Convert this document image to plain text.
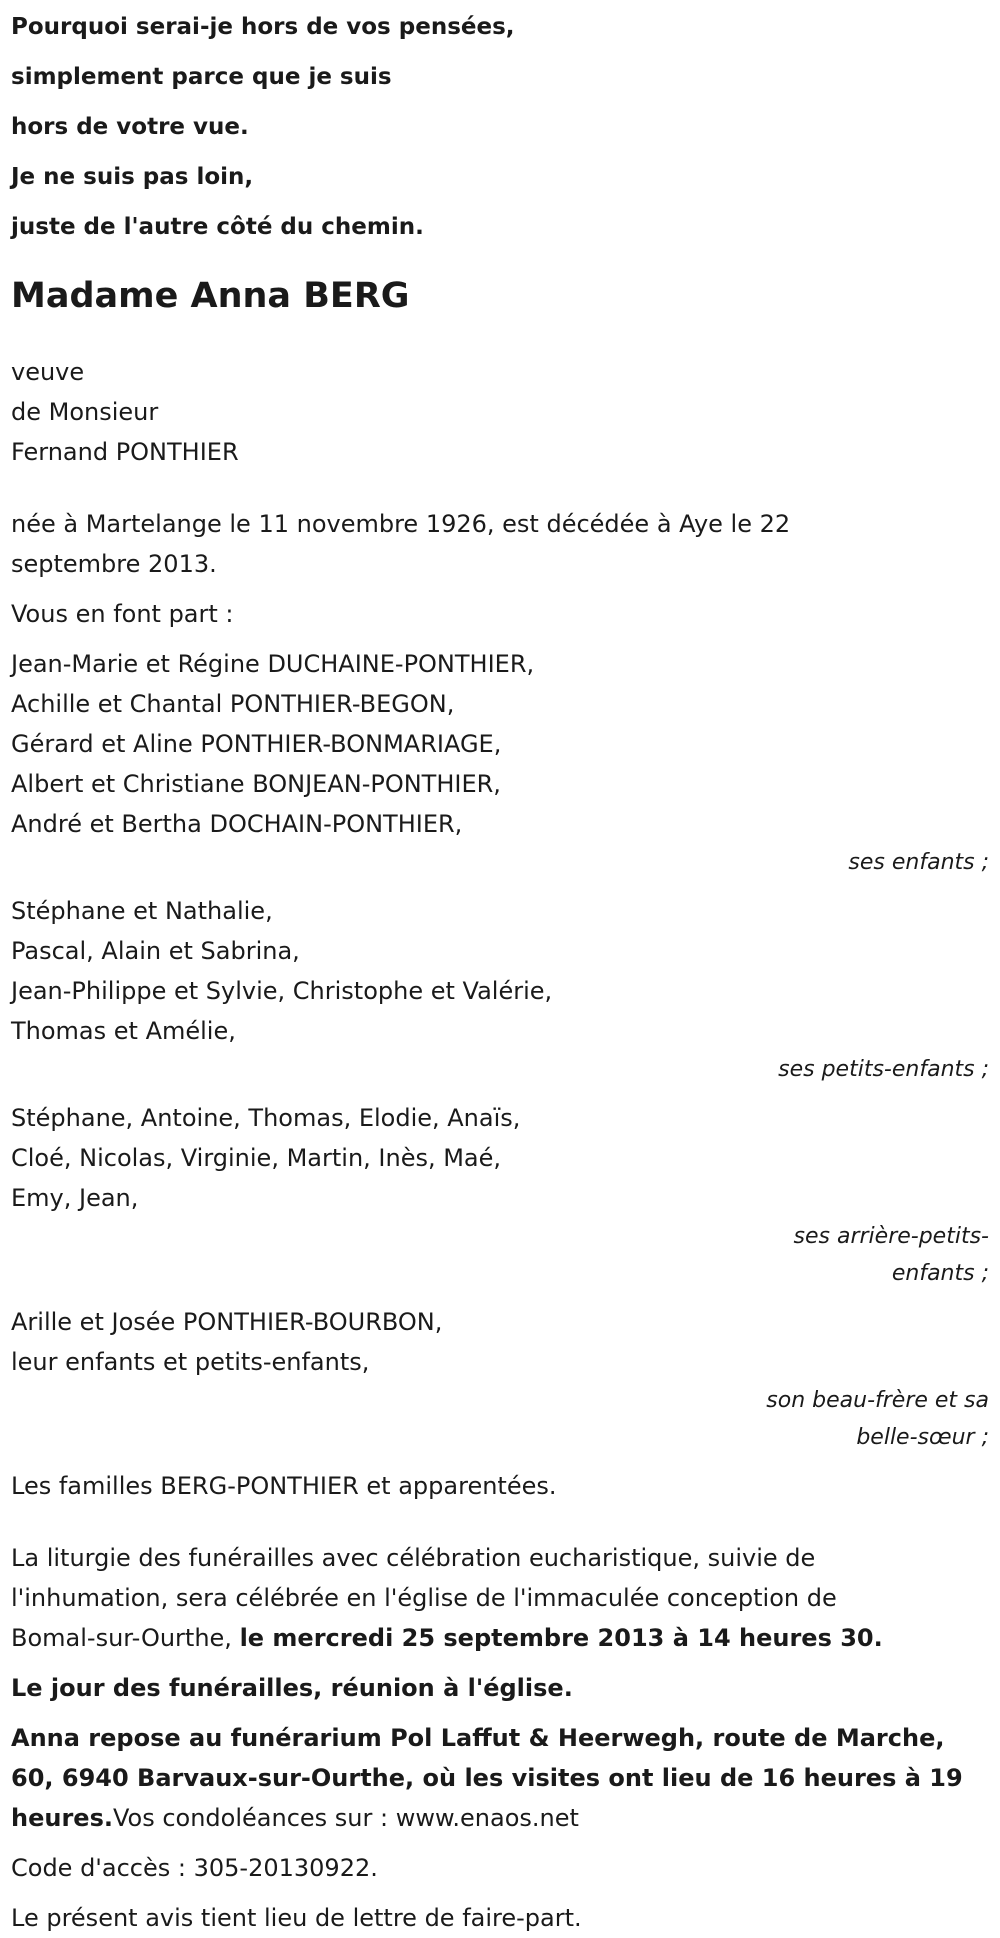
Pourquoi serai-je hors de vos pensées,
simplement parce que je suis
hors de votre vue.
Je ne suis pas loin,
juste de l'autre côté du chemin.
Madame Anna BERG
veuve
de Monsieur
Fernand PONTHIER
née à Martelange le 11 novembre 1926, est décédée à Aye le 22
septembre 2013.
Vous en font part :
Jean-Marie et Régine DUCHAINE-PONTHIER,
Achille et Chantal PONTHIER-BEGON,
Gérard et Aline PONTHIER-BONMARIAGE,
Albert et Christiane BONJEAN-PONTHIER,
André et Bertha DOCHAIN-PONTHIER,
ses enfants ;
Stéphane et Nathalie,
Pascal, Alain et Sabrina,
Jean-Philippe et Sylvie, Christophe et Valérie,
Thomas et Amélie,
ses petits-enfants ;
Stéphane, Antoine, Thomas, Elodie, Anaïs,
Cloé, Nicolas, Virginie, Martin, Inès, Maé,
Emy, Jean,
ses arrière-petits-
enfants ;
Arille et Josée PONTHIER-BOURBON,
leur enfants et petits-enfants,
son beau-frère et sa
belle-sœur ;
Les familles BERG-PONTHIER et apparentées.
La liturgie des funérailles avec célébration eucharistique, suivie de
l'inhumation, sera célébrée en l'église de l'immaculée conception de
Bomal-sur-Ourthe, le mercredi 25 septembre 2013 à 14 heures 30.
Le jour des funérailles, réunion à l'église.
Anna repose au funérarium Pol Laffut & Heerwegh, route de Marche,
60, 6940 Barvaux-sur-Ourthe, où les visites ont lieu de 16 heures à 19
heures.Vos condoléances sur : www.enaos.net
Code d'accès : 305-20130922.
Le présent avis tient lieu de lettre de faire-part.
